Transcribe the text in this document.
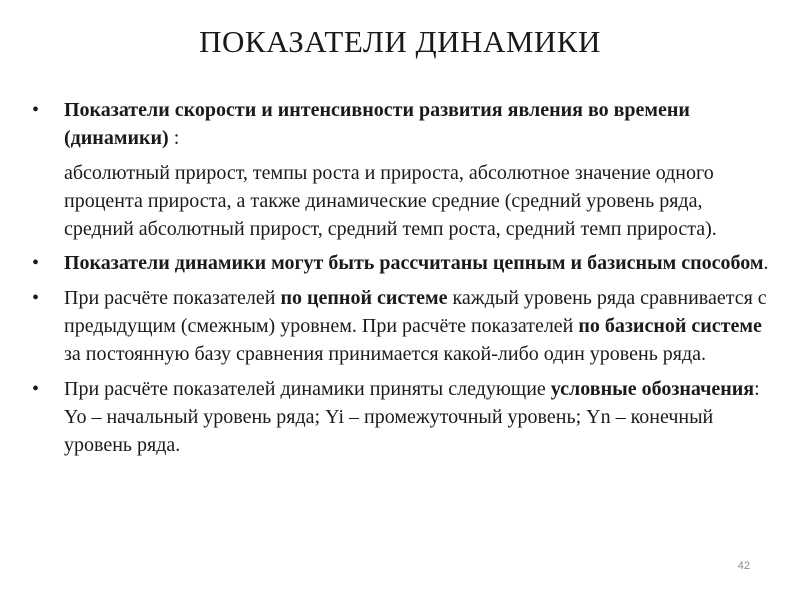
ПОКАЗАТЕЛИ ДИНАМИКИ
• Показатели скорости и интенсивности развития явления во времени (динамики) :
абсолютный прирост, темпы роста и прироста, абсолютное значение одного процента прироста, а также динамические средние (средний уровень ряда, средний абсолютный прирост, средний темп роста, средний темп прироста).
• Показатели динамики могут быть рассчитаны цепным и базисным способом.
• При расчёте показателей по цепной системе каждый уровень ряда сравнивается с предыдущим (смежным) уровнем. При расчёте показателей по базисной системе за постоянную базу сравнения принимается какой-либо один уровень ряда.
• При расчёте показателей динамики приняты следующие условные обозначения: Yo – начальный уровень ряда; Yi – промежуточный уровень; Yn – конечный уровень ряда.
42
